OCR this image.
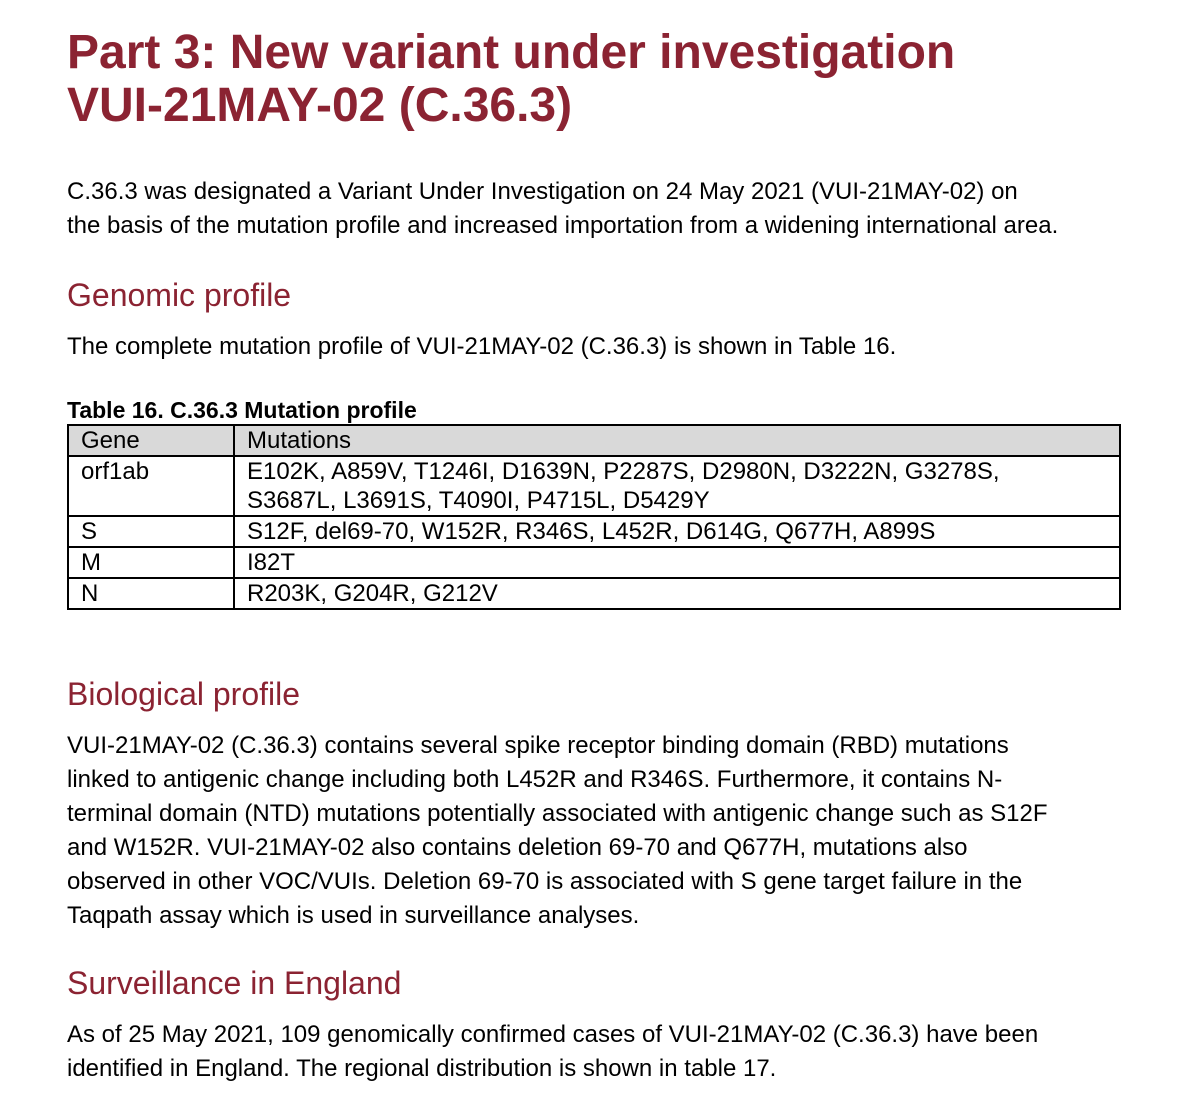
Part 3: New variant under investigation
VUI-21MAY-02 (C.36.3)

C.36.3 was designated a Variant Under Investigation on 24 May 2021 (VUI-21MAY-02) on
the basis of the mutation profile and increased importation from a widening international area.

Genomic profile

The complete mutation profile of VUI-21MAY-02 (C.36.3) is shown in Table 16.

Table 16. C.36.3 Mutation profile
Gene	Mutations
orf1ab	E102K, A859V, T1246I, D1639N, P2287S, D2980N, D3222N, G3278S,
S3687L, L3691S, T4090I, P4715L, D5429Y

S	S12F, del69-70, W152R, R346S, L452R, D614G, Q677H, A899S

M	I82T

N	R203K, G204R, G212V
Biological profile

VUI-21MAY-02 (C.36.3) contains several spike receptor binding domain (RBD) mutations
linked to antigenic change including both L452R and R346S. Furthermore, it contains N-
terminal domain (NTD) mutations potentially associated with antigenic change such as S12F
and W152R. VUI-21MAY-02 also contains deletion 69-70 and Q677H, mutations also
observed in other VOC/VUIs. Deletion 69-70 is associated with S gene target failure in the
Taqpath assay which is used in surveillance analyses.

Surveillance in England

As of 25 May 2021, 109 genomically confirmed cases of VUI-21MAY-02 (C.36.3) have been
identified in England. The regional distribution is shown in table 17.
